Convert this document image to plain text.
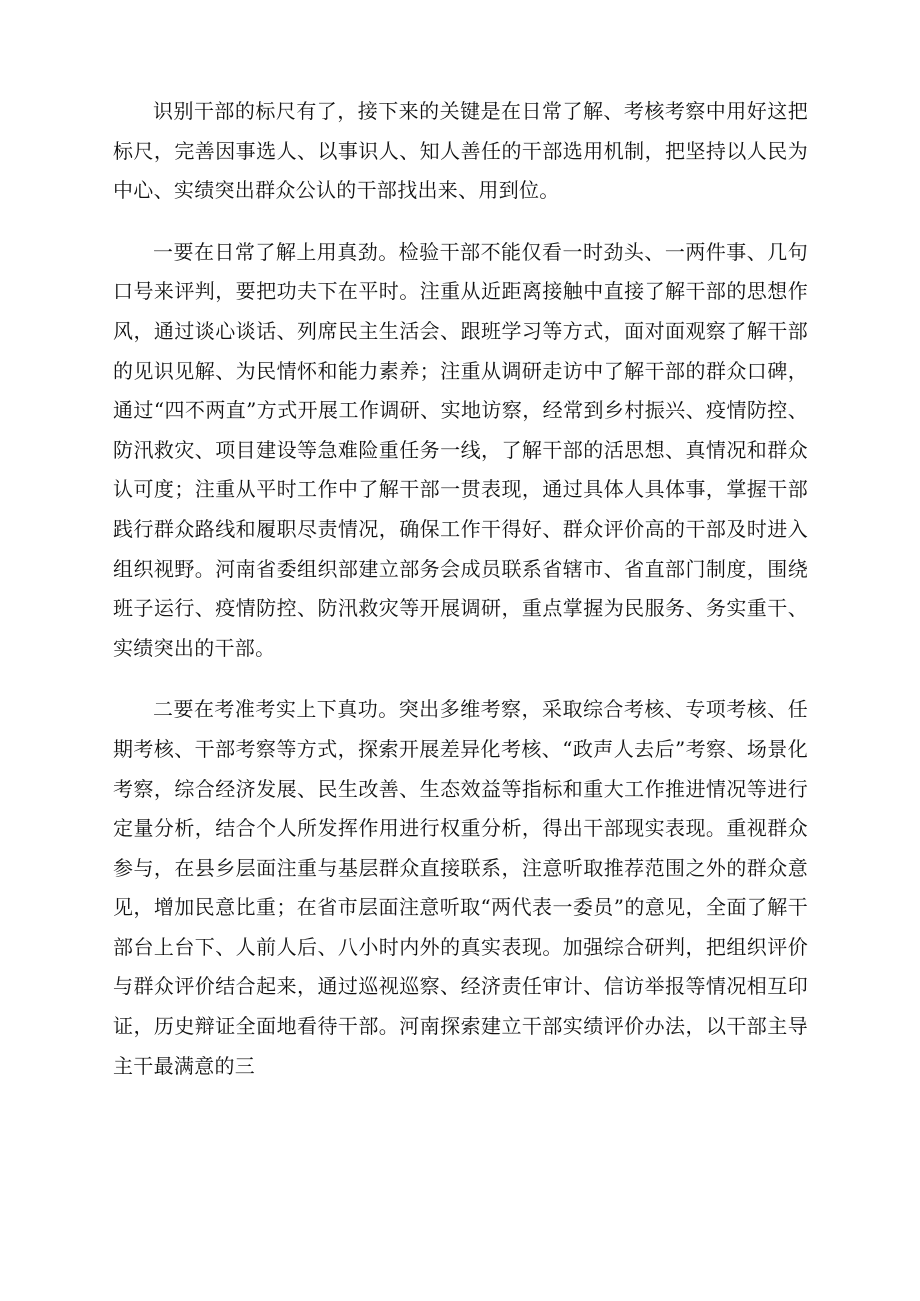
识别干部的标尺有了，接下来的关键是在日常了解、考核考察中用好这把标尺，完善因事选人、以事识人、知人善任的干部选用机制，把坚持以人民为中心、实绩突出群众公认的干部找出来、用到位。

一要在日常了解上用真劲。检验干部不能仅看一时劲头、一两件事、几句口号来评判，要把功夫下在平时。注重从近距离接触中直接了解干部的思想作风，通过谈心谈话、列席民主生活会、跟班学习等方式，面对面观察了解干部的见识见解、为民情怀和能力素养；注重从调研走访中了解干部的群众口碑，通过“四不两直”方式开展工作调研、实地访察，经常到乡村振兴、疫情防控、防汛救灾、项目建设等急难险重任务一线，了解干部的活思想、真情况和群众认可度；注重从平时工作中了解干部一贯表现，通过具体人具体事，掌握干部践行群众路线和履职尽责情况，确保工作干得好、群众评价高的干部及时进入组织视野。河南省委组织部建立部务会成员联系省辖市、省直部门制度，围绕班子运行、疫情防控、防汛救灾等开展调研，重点掌握为民服务、务实重干、实绩突出的干部。

二要在考准考实上下真功。突出多维考察，采取综合考核、专项考核、任期考核、干部考察等方式，探索开展差异化考核、“政声人去后”考察、场景化考察，综合经济发展、民生改善、生态效益等指标和重大工作推进情况等进行定量分析，结合个人所发挥作用进行权重分析，得出干部现实表现。重视群众参与，在县乡层面注重与基层群众直接联系，注意听取推荐范围之外的群众意见，增加民意比重；在省市层面注意听取“两代表一委员”的意见，全面了解干部台上台下、人前人后、八小时内外的真实表现。加强综合研判，把组织评价与群众评价结合起来，通过巡视巡察、经济责任审计、信访举报等情况相互印证，历史辩证全面地看待干部。河南探索建立干部实绩评价办法，以干部主导主干最满意的三
